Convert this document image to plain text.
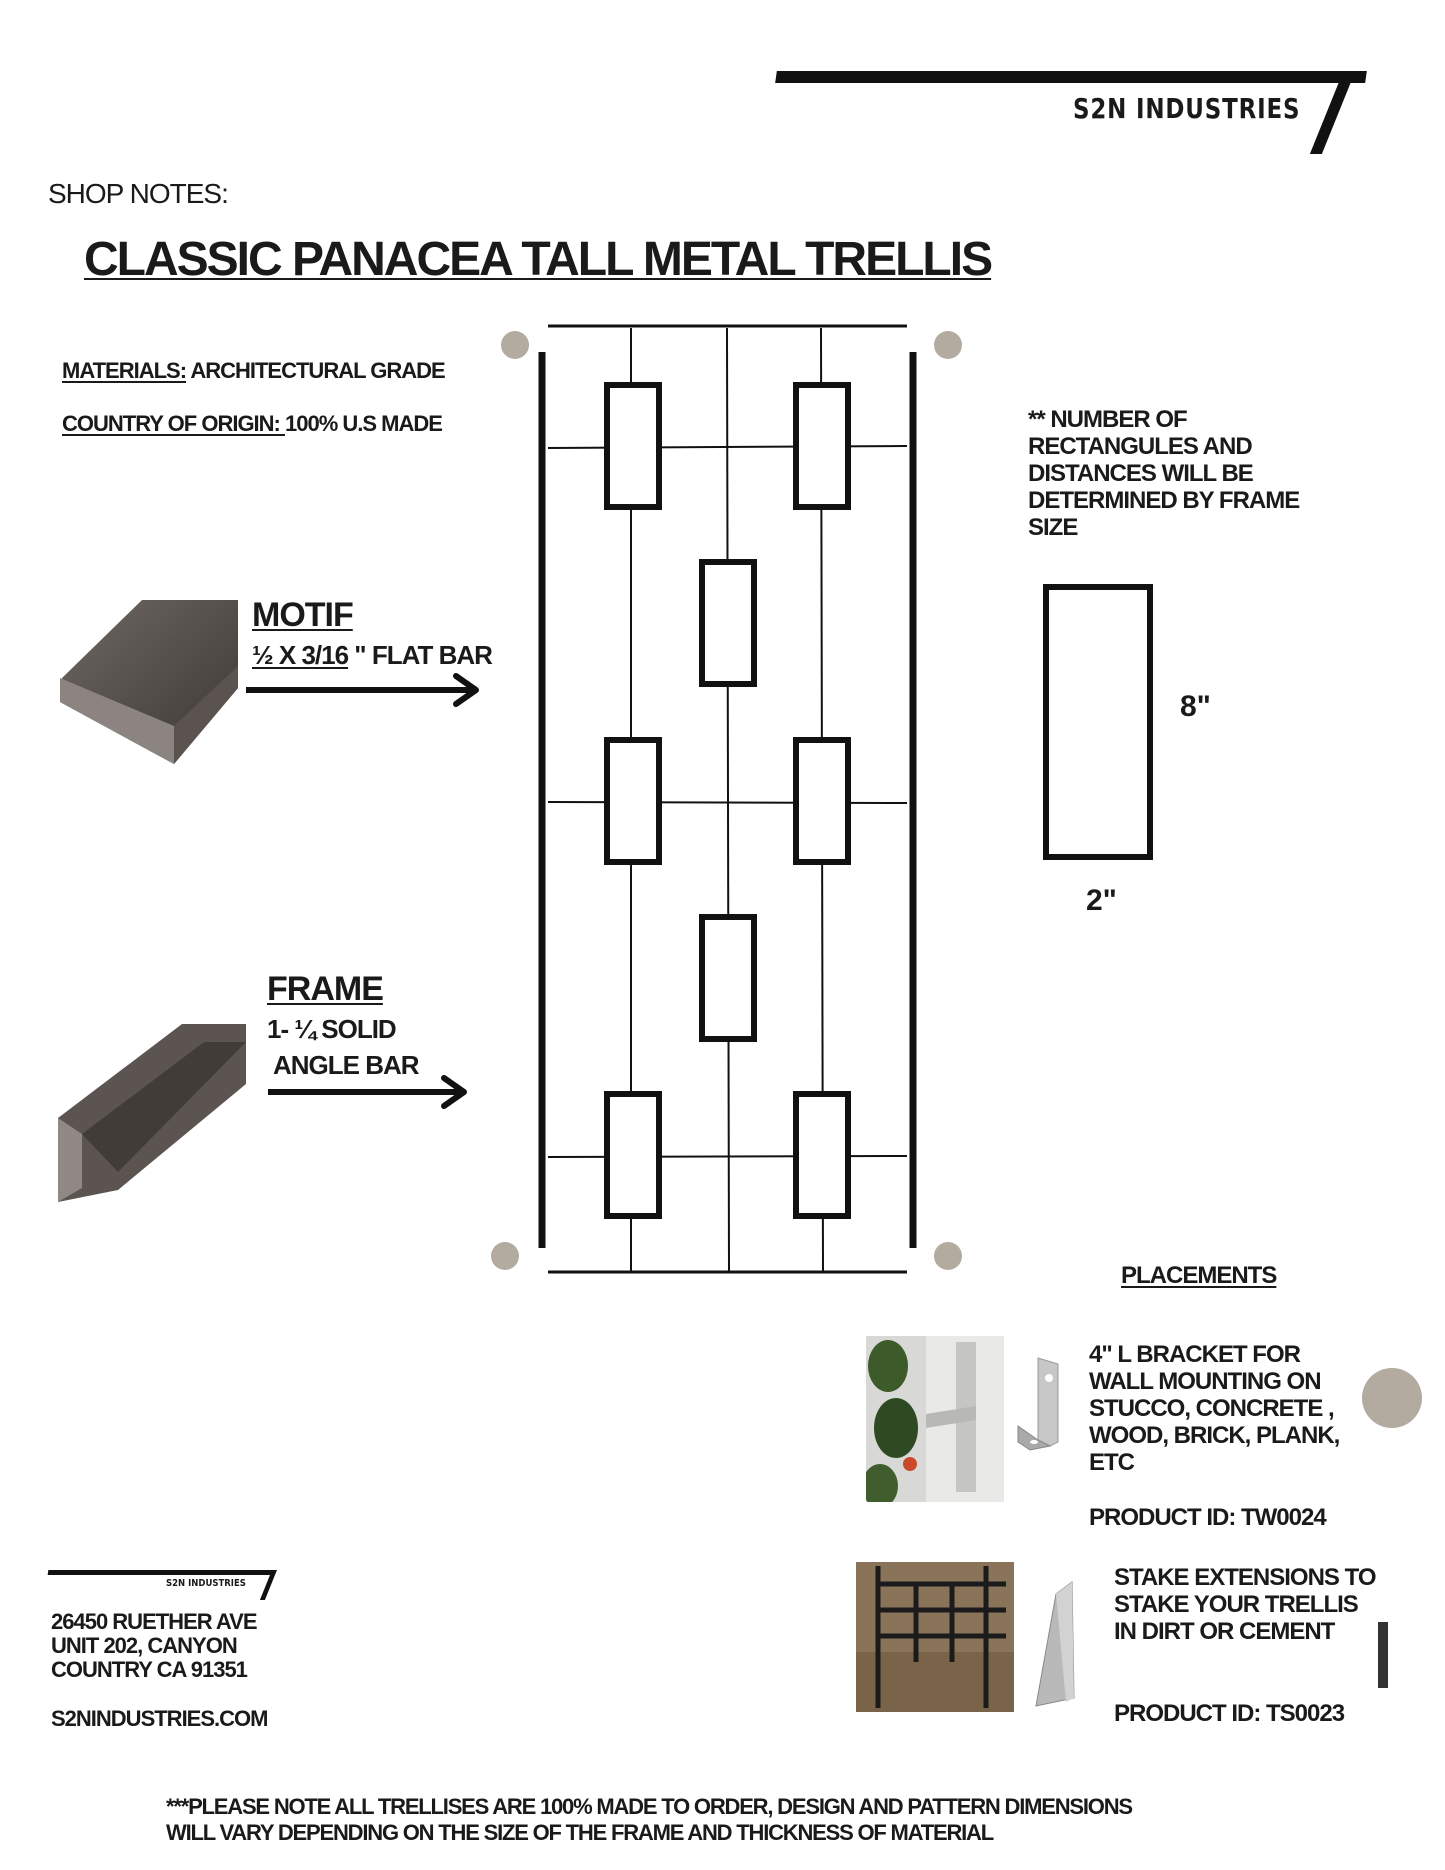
S2N INDUSTRIES
SHOP NOTES:
CLASSIC PANACEA TALL METAL TRELLIS
MATERIALS: ARCHITECTURAL GRADE
COUNTRY OF ORIGIN: 100% U.S MADE
MOTIF
½ X 3/16 " FLAT BAR
FRAME
1- ¼ SOLID
ANGLE BAR
** NUMBER OF RECTANGULES AND DISTANCES WILL BE DETERMINED BY FRAME SIZE
8"
2"
PLACEMENTS
4" L BRACKET FOR WALL MOUNTING ON STUCCO, CONCRETE , WOOD, BRICK, PLANK, ETC
PRODUCT ID: TW0024
STAKE EXTENSIONS TO STAKE YOUR TRELLIS IN DIRT OR CEMENT
PRODUCT ID: TS0023
S2N INDUSTRIES
26450 RUETHER AVE
UNIT 202, CANYON
COUNTRY CA 91351
S2NINDUSTRIES.COM
***PLEASE NOTE ALL TRELLISES ARE 100% MADE TO ORDER, DESIGN AND PATTERN DIMENSIONS
WILL VARY DEPENDING ON THE SIZE OF THE FRAME AND THICKNESS OF MATERIAL
